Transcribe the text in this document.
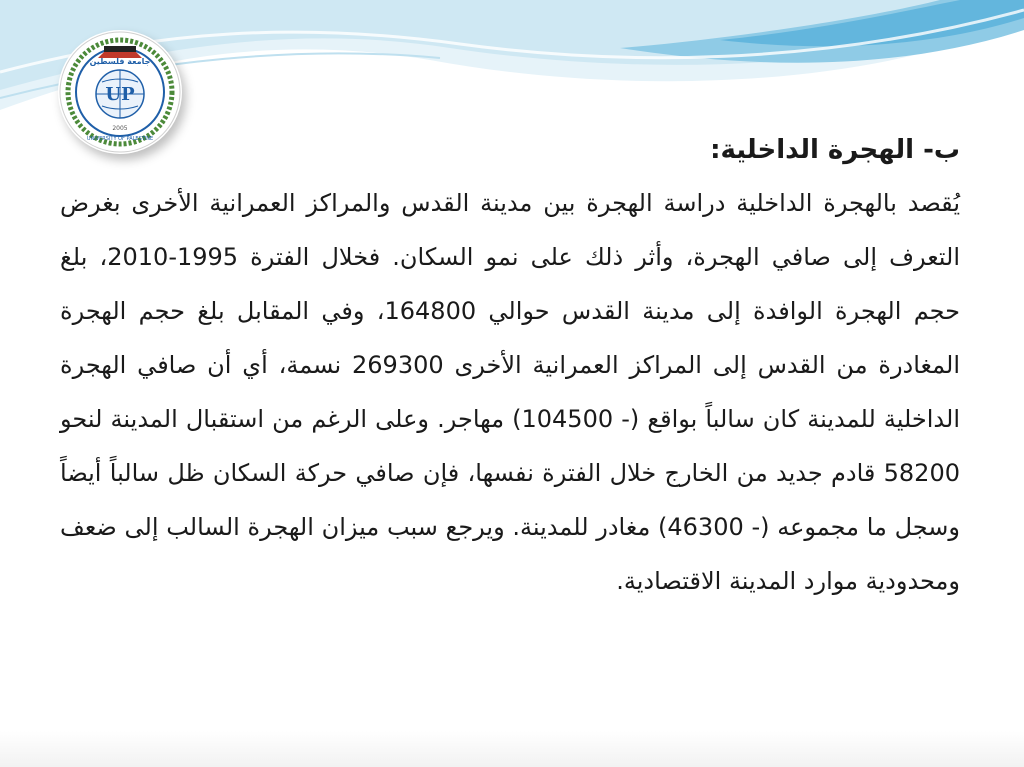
UP
2005
جامعة فلسطين
UNIVERSITY OF PALESTINE	ب- الهجرة الداخلية:

يُقصد بالهجرة الداخلية دراسة الهجرة بين مدينة القدس والمراكز العمرانية الأخرى بغرض التعرف إلى صافي الهجرة، وأثر ذلك على نمو السكان. فخلال الفترة 1995-2010، بلغ حجم الهجرة الوافدة إلى مدينة القدس حوالي 164800، وفي المقابل بلغ حجم الهجرة المغادرة من القدس إلى المراكز العمرانية الأخرى 269300 نسمة، أي أن صافي الهجرة الداخلية للمدينة كان سالباً بواقع (- 104500) مهاجر. وعلى الرغم من استقبال المدينة لنحو 58200 قادم جديد من الخارج خلال الفترة نفسها، فإن صافي حركة السكان ظل سالباً أيضاً وسجل ما مجموعه (- 46300) مغادر للمدينة. ويرجع سبب ميزان الهجرة السالب إلى ضعف ومحدودية موارد المدينة الاقتصادية.
